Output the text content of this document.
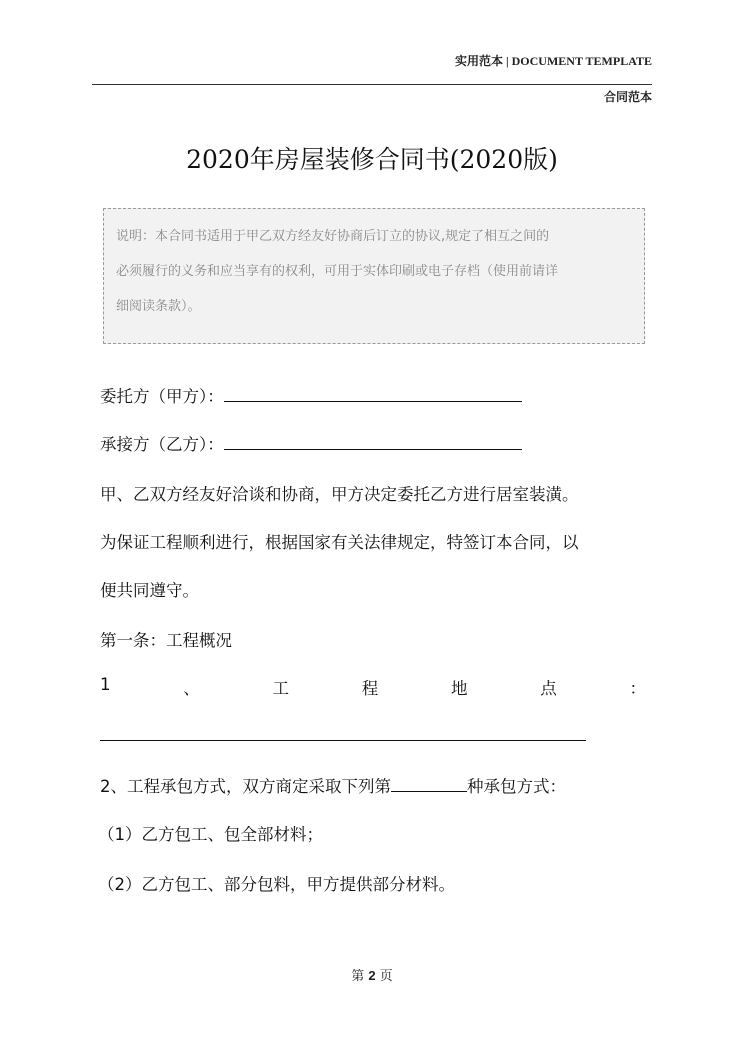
实用范本 | DOCUMENT TEMPLATE
合同范本
2020年房屋装修合同书(2020版)
说明：本合同书适用于甲乙双方经友好协商后订立的协议,规定了相互之间的
必须履行的义务和应当享有的权利，可用于实体印刷或电子存档（使用前请详
细阅读条款）。
委托方（甲方）：
承接方（乙方）：
甲、乙双方经友好洽谈和协商，甲方决定委托乙方进行居室装潢。
为保证工程顺利进行，根据国家有关法律规定，特签订本合同，以
便共同遵守。
第一条：工程概况
1	、	工	程	地	点	：
2、工程承包方式，双方商定采取下列第	种承包方式：
（1）乙方包工、包全部材料；
（2）乙方包工、部分包料，甲方提供部分材料。
第 2 页
